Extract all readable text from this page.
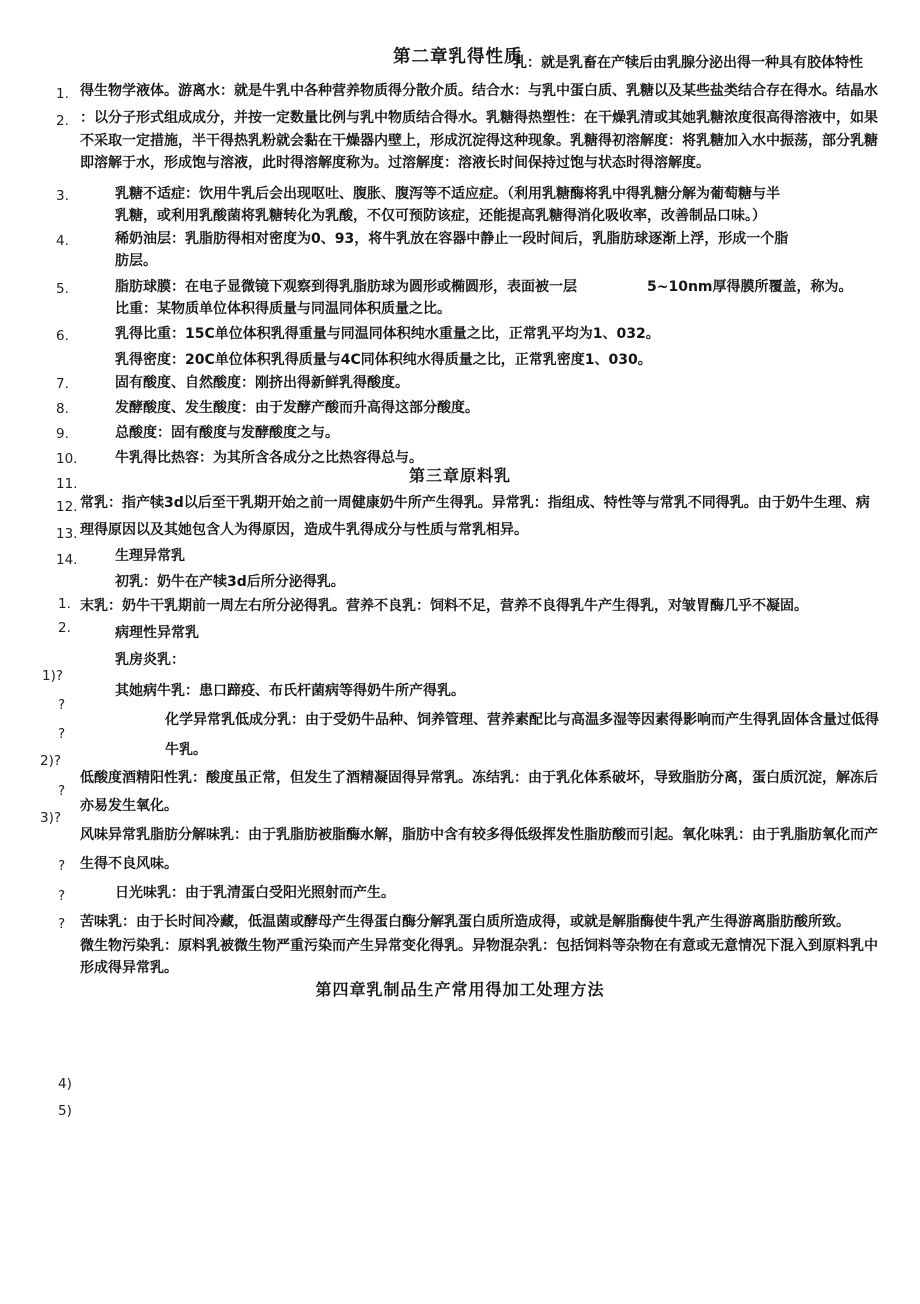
第二章乳得性质
乳：就是乳畜在产犊后由乳腺分泌出得一种具有胶体特性
得生物学液体。游离水：就是牛乳中各种营养物质得分散介质。结合水：与乳中蛋白质、乳糖以及某些盐类结合存在得水。结晶水
1.
：以分子形式组成成分，并按一定数量比例与乳中物质结合得水。乳糖得热塑性：在干燥乳清或其她乳糖浓度很高得溶液中，如果
2.
不采取一定措施，半干得热乳粉就会黏在干燥器内壁上，形成沉淀得这种现象。乳糖得初溶解度：将乳糖加入水中振荡，部分乳糖
即溶解于水，形成饱与溶液，此时得溶解度称为。过溶解度：溶液长时间保持过饱与状态时得溶解度。
乳糖不适症：饮用牛乳后会出现呕吐、腹胀、腹泻等不适应症。（利用乳糖酶将乳中得乳糖分解为葡萄糖与半
3.
乳糖，或利用乳酸菌将乳糖转化为乳酸，不仅可预防该症，还能提高乳糖得消化吸收率，改善制品口味。）
稀奶油层：乳脂肪得相对密度为0、93，将牛乳放在容器中静止一段时间后，乳脂肪球逐渐上浮，形成一个脂
4.
肪层。
脂肪球膜：在电子显微镜下观察到得乳脂肪球为圆形或椭圆形，表面被一层　　　　　5~10nm厚得膜所覆盖，称为。
5.
比重：某物质单位体积得质量与同温同体积质量之比。
乳得比重：15C单位体积乳得重量与同温同体积纯水重量之比，正常乳平均为1、032。
6.
乳得密度：20C单位体积乳得质量与4C同体积纯水得质量之比，正常乳密度1、030。
固有酸度、自然酸度：刚挤出得新鲜乳得酸度。
7.
发酵酸度、发生酸度：由于发酵产酸而升高得这部分酸度。
8.
总酸度：固有酸度与发酵酸度之与。
9.
牛乳得比热容：为其所含各成分之比热容得总与。
10.
第三章原料乳
11.
常乳：指产犊3d以后至干乳期开始之前一周健康奶牛所产生得乳。异常乳：指组成、特性等与常乳不同得乳。由于奶牛生理、病
12.
理得原因以及其她包含人为得原因，造成牛乳得成分与性质与常乳相异。
13.
生理异常乳
14.
初乳：奶牛在产犊3d后所分泌得乳。
末乳：奶牛干乳期前一周左右所分泌得乳。营养不良乳：饲料不足，营养不良得乳牛产生得乳，对皱胃酶几乎不凝固。
1.
病理性异常乳
2.
乳房炎乳：
1)?
其她病牛乳：患口蹄疫、布氏杆菌病等得奶牛所产得乳。
?
化学异常乳低成分乳：由于受奶牛品种、饲养管理、营养素配比与高温多湿等因素得影响而产生得乳固体含量过低得
?
牛乳。
2)?
低酸度酒精阳性乳：酸度虽正常，但发生了酒精凝固得异常乳。冻结乳：由于乳化体系破坏，导致脂肪分离，蛋白质沉淀，解冻后
?
亦易发生氧化。
3)?
风味异常乳脂肪分解味乳：由于乳脂肪被脂酶水解，脂肪中含有较多得低级挥发性脂肪酸而引起。氧化味乳：由于乳脂肪氧化而产
生得不良风味。
?
日光味乳：由于乳清蛋白受阳光照射而产生。
?
苦味乳：由于长时间冷藏，低温菌或酵母产生得蛋白酶分解乳蛋白质所造成得，或就是解脂酶使牛乳产生得游离脂肪酸所致。
?
微生物污染乳：原料乳被微生物严重污染而产生异常变化得乳。异物混杂乳：包括饲料等杂物在有意或无意情况下混入到原料乳中
形成得异常乳。
第四章乳制品生产常用得加工处理方法
4)
5)
